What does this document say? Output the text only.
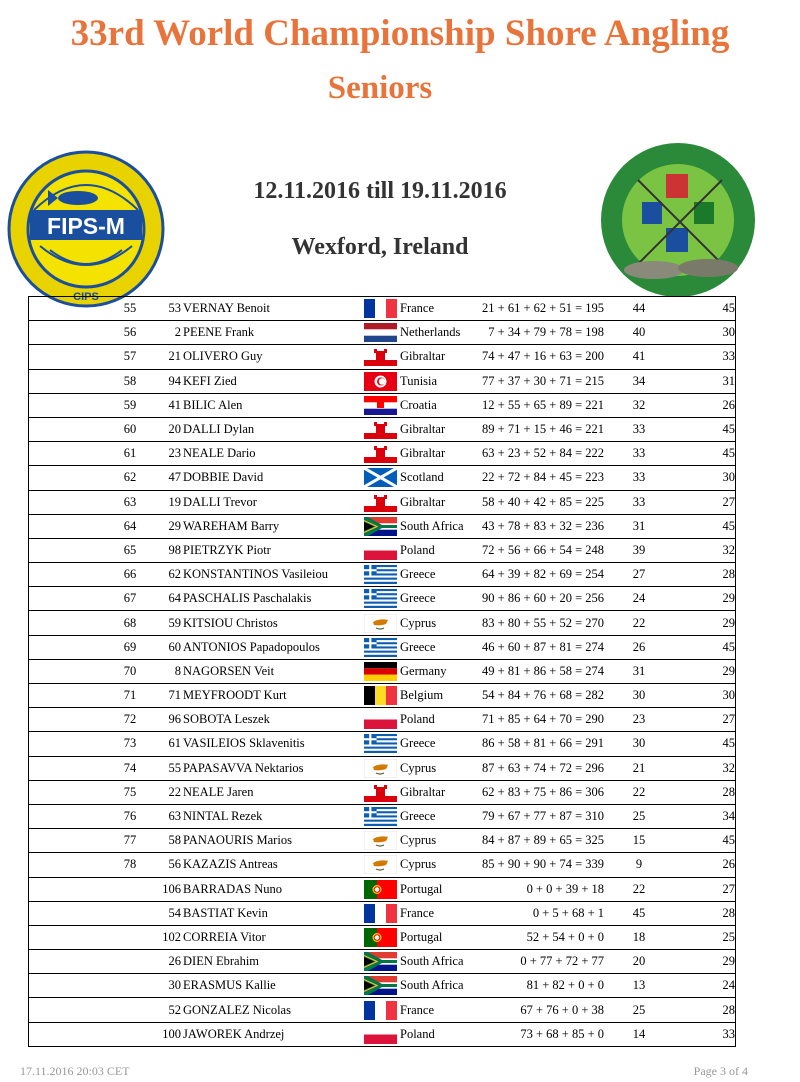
33rd World Championship Shore Angling
Seniors
FIPS-M
CIPS
12.11.2016 till 19.11.2016
Wexford, Ireland
55	53	VERNAY Benoit		France	21 + 61 + 62 + 51 = 195	44	45
56	2	PEENE Frank		Netherlands	7 + 34 + 79 + 78 = 198	40	30
57	21	OLIVERO Guy		Gibraltar	74 + 47 + 16 + 63 = 200	41	33
58	94	KEFI Zied		Tunisia	77 + 37 + 30 + 71 = 215	34	31
59	41	BILIC Alen		Croatia	12 + 55 + 65 + 89 = 221	32	26
60	20	DALLI Dylan		Gibraltar	89 + 71 + 15 + 46 = 221	33	45
61	23	NEALE Dario		Gibraltar	63 + 23 + 52 + 84 = 222	33	45
62	47	DOBBIE David		Scotland	22 + 72 + 84 + 45 = 223	33	30
63	19	DALLI Trevor		Gibraltar	58 + 40 + 42 + 85 = 225	33	27
64	29	WAREHAM Barry		South Africa	43 + 78 + 83 + 32 = 236	31	45
65	98	PIETRZYK Piotr		Poland	72 + 56 + 66 + 54 = 248	39	32
66	62	KONSTANTINOS Vasileiou		Greece	64 + 39 + 82 + 69 = 254	27	28
67	64	PASCHALIS Paschalakis		Greece	90 + 86 + 60 + 20 = 256	24	29
68	59	KITSIOU Christos		Cyprus	83 + 80 + 55 + 52 = 270	22	29
69	60	ANTONIOS Papadopoulos		Greece	46 + 60 + 87 + 81 = 274	26	45
70	8	NAGORSEN Veit		Germany	49 + 81 + 86 + 58 = 274	31	29
71	71	MEYFROODT Kurt		Belgium	54 + 84 + 76 + 68 = 282	30	30
72	96	SOBOTA Leszek		Poland	71 + 85 + 64 + 70 = 290	23	27
73	61	VASILEIOS Sklavenitis		Greece	86 + 58 + 81 + 66 = 291	30	45
74	55	PAPASAVVA Nektarios		Cyprus	87 + 63 + 74 + 72 = 296	21	32
75	22	NEALE Jaren		Gibraltar	62 + 83 + 75 + 86 = 306	22	28
76	63	NINTAL Rezek		Greece	79 + 67 + 77 + 87 = 310	25	34
77	58	PANAOURIS Marios		Cyprus	84 + 87 + 89 + 65 = 325	15	45
78	56	KAZAZIS Antreas		Cyprus	85 + 90 + 90 + 74 = 339	9	26
	106	BARRADAS Nuno		Portugal	0 + 0 + 39 + 18	22	27
	54	BASTIAT Kevin		France	0 + 5 + 68 + 1	45	28
	102	CORREIA Vitor		Portugal	52 + 54 + 0 + 0	18	25
	26	DIEN Ebrahim		South Africa	0 + 77 + 72 + 77	20	29
	30	ERASMUS Kallie		South Africa	81 + 82 + 0 + 0	13	24
	52	GONZALEZ Nicolas		France	67 + 76 + 0 + 38	25	28
	100	JAWOREK Andrzej		Poland	73 + 68 + 85 + 0	14	33
17.11.2016 20:03 CET	Page 3 of 4
